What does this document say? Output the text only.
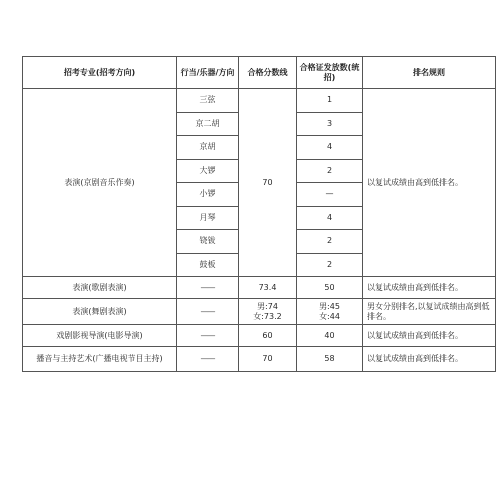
招考专业(招考方向)	行当/乐器/方向	合格分数线	合格证发放数(统招)	排名规则
表演(京剧音乐作奏)	三弦	70	1	以复试成绩由高到低排名。
	京二胡		3	
	京胡		4	
	大锣		2	
	小锣		—	
	月琴		4	
	铙钹		2	
	鼓板		2	
表演(歌剧表演)	——	73.4	50	以复试成绩由高到低排名。
表演(舞剧表演)	——	男:74
女:73.2	男:45
女:44	男女分别排名,以复试成绩由高到低排名。
戏剧影视导演(电影导演)	——	60	40	以复试成绩由高到低排名。
播音与主持艺术(广播电视节目主持)	——	70	58	以复试成绩由高到低排名。
